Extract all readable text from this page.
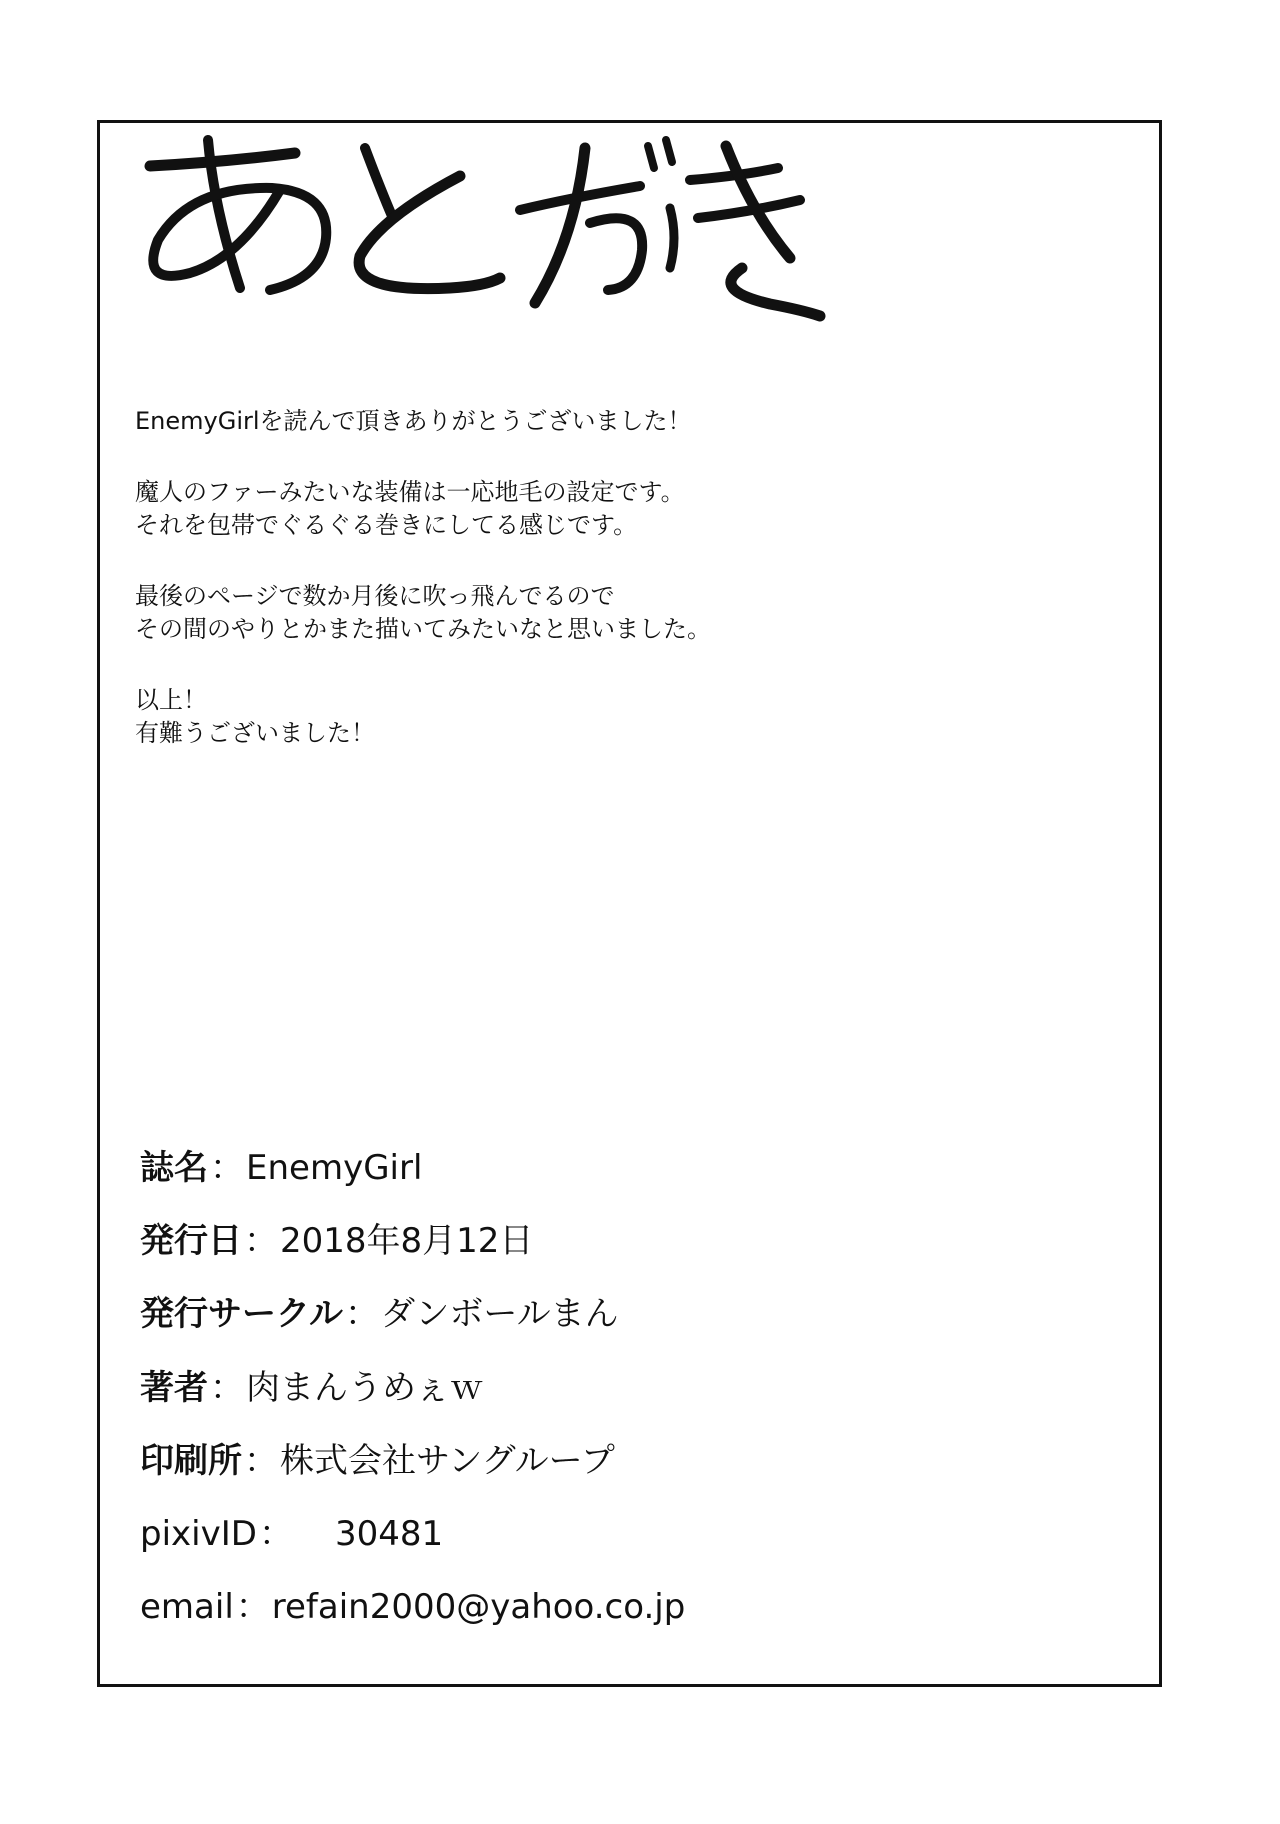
EnemyGirlを読んで頂きありがとうございました！

魔人のファーみたいな装備は一応地毛の設定です。

それを包帯でぐるぐる巻きにしてる感じです。

最後のページで数か月後に吹っ飛んでるので

その間のやりとかまた描いてみたいなと思いました。

以上！

有難うございました！

誌名 ： EnemyGirl
発行日 ： 2018年8月12日
発行サークル ： ダンボールまん
著者 ： 肉まんうめぇｗ
印刷所 ： 株式会社サングループ
pixivID ：	30481
email ： refain2000@yahoo.co.jp
